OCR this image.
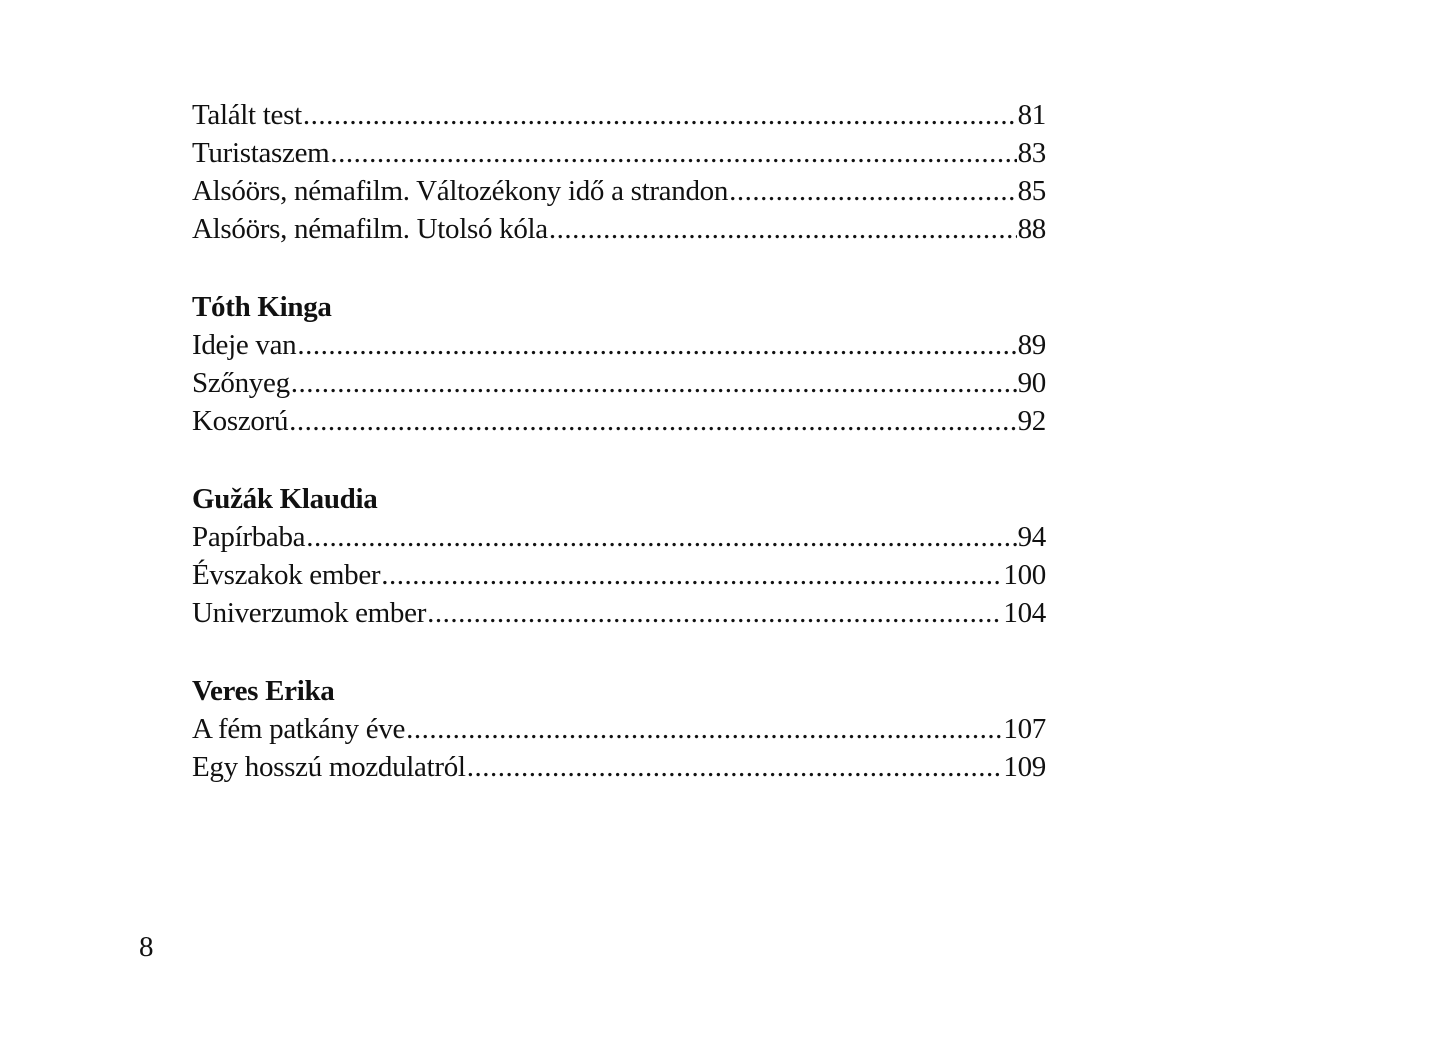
Talált test .....	81
Turistaszem .....	83
Alsóörs, némafilm. Változékony idő a strandon .....	85
Alsóörs, némafilm. Utolsó kóla .....	88
Tóth Kinga
Ideje van .....	89
Szőnyeg .....	90
Koszorú .....	92
Gužák Klaudia
Papírbaba .....	94
Évszakok ember .....	100
Univerzumok ember .....	104
Veres Erika
A fém patkány éve .....	107
Egy hosszú mozdulatról .....	109
8
